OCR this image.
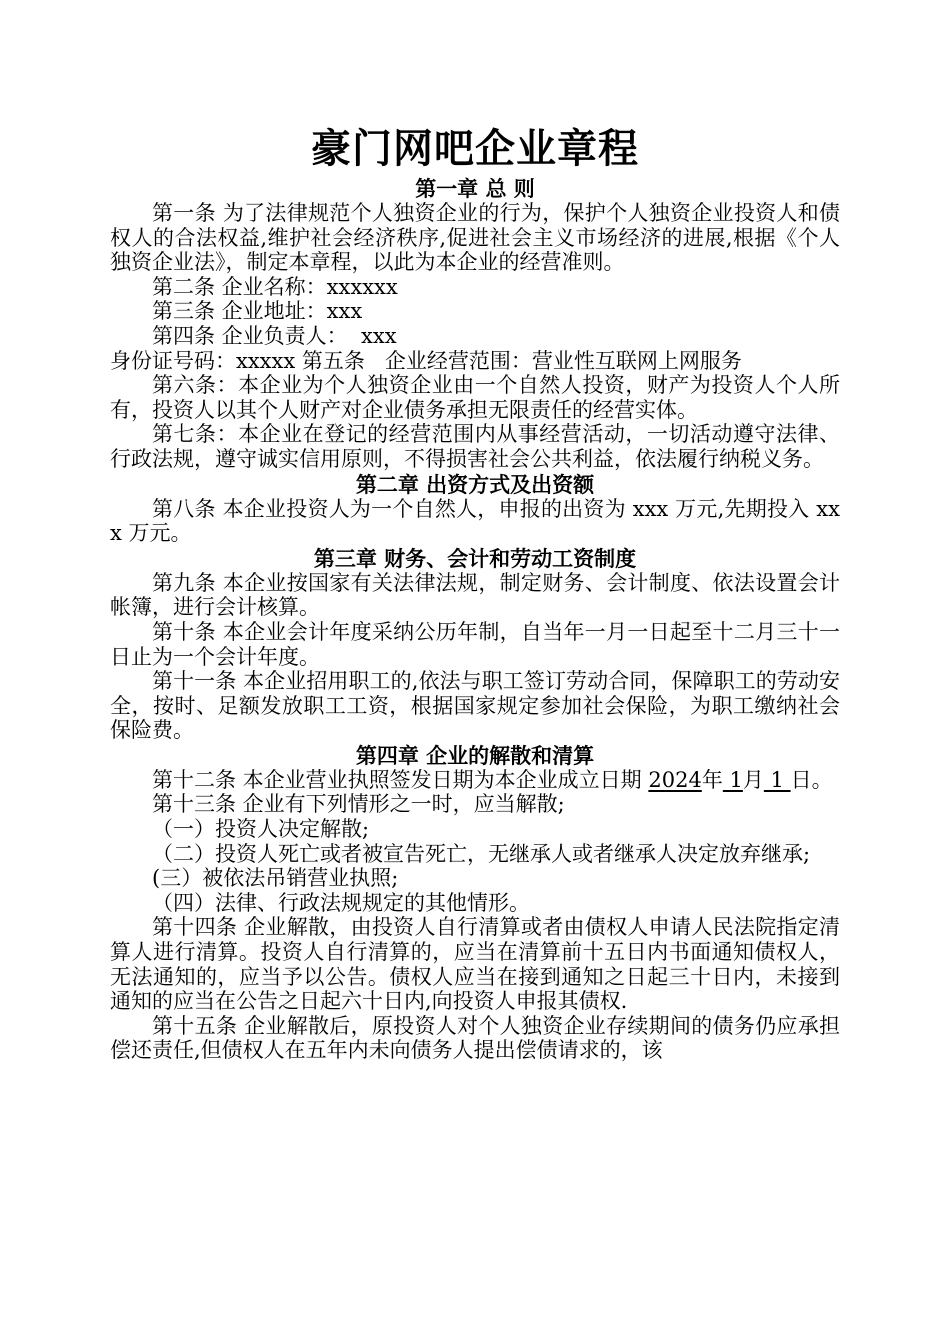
豪门网吧企业章程
第一章 总 则

第一条 为了法律规范个人独资企业的行为，保护个人独资企业投资人和债权人的合法权益,维护社会经济秩序,促进社会主义市场经济的进展,根据《个人独资企业法》，制定本章程，以此为本企业的经营准则。

第二条 企业名称：xxxxxx

第三条 企业地址：xxx

第四条 企业负责人：  xxx

身份证号码：xxxxx 第五条   企业经营范围：营业性互联网上网服务

第六条：本企业为个人独资企业由一个自然人投资，财产为投资人个人所有，投资人以其个人财产对企业债务承担无限责任的经营实体。

第七条：本企业在登记的经营范围内从事经营活动，一切活动遵守法律、行政法规，遵守诚实信用原则，不得损害社会公共利益，依法履行纳税义务。

第二章 出资方式及出资额

第八条 本企业投资人为一个自然人，申报的出资为 xxx 万元,先期投入 xxx 万元。

第三章 财务、会计和劳动工资制度

第九条 本企业按国家有关法律法规，制定财务、会计制度、依法设置会计帐簿，进行会计核算。

第十条 本企业会计年度采纳公历年制，自当年一月一日起至十二月三十一日止为一个会计年度。

第十一条 本企业招用职工的,依法与职工签订劳动合同，保障职工的劳动安全，按时、足额发放职工工资，根据国家规定参加社会保险，为职工缴纳社会保险费。

第四章 企业的解散和清算

第十二条 本企业营业执照签发日期为本企业成立日期 2024年 1月 1 日。

第十三条 企业有下列情形之一时，应当解散;

（一）投资人决定解散;

（二）投资人死亡或者被宣告死亡，无继承人或者继承人决定放弃继承;

(三）被依法吊销营业执照;

（四）法律、行政法规规定的其他情形。

第十四条 企业解散，由投资人自行清算或者由债权人申请人民法院指定清算人进行清算。投资人自行清算的，应当在清算前十五日内书面通知债权人，无法通知的，应当予以公告。债权人应当在接到通知之日起三十日内，未接到通知的应当在公告之日起六十日内,向投资人申报其债权.

第十五条 企业解散后，原投资人对个人独资企业存续期间的债务仍应承担偿还责任,但债权人在五年内未向债务人提出偿债请求的，该
